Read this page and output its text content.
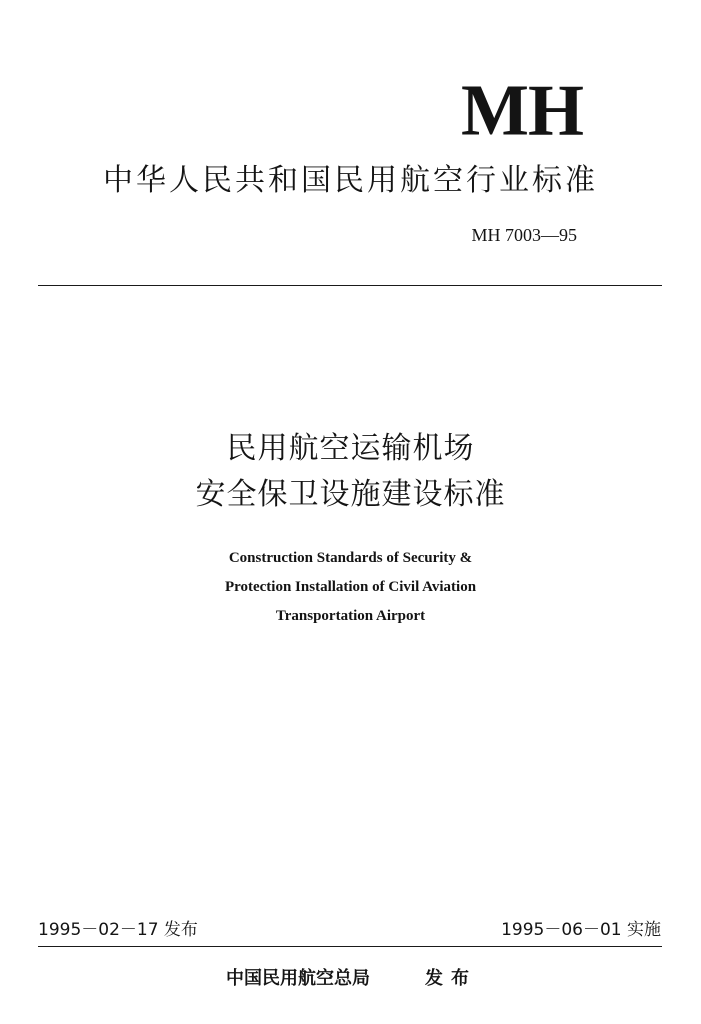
MH
中华人民共和国民用航空行业标准
MH 7003—95
民用航空运输机场
安全保卫设施建设标准
Construction Standards of Security &
Protection Installation of Civil Aviation
Transportation Airport
1995－02－17 发布	1995－06－01 实施
中国民用航空总局	发布
